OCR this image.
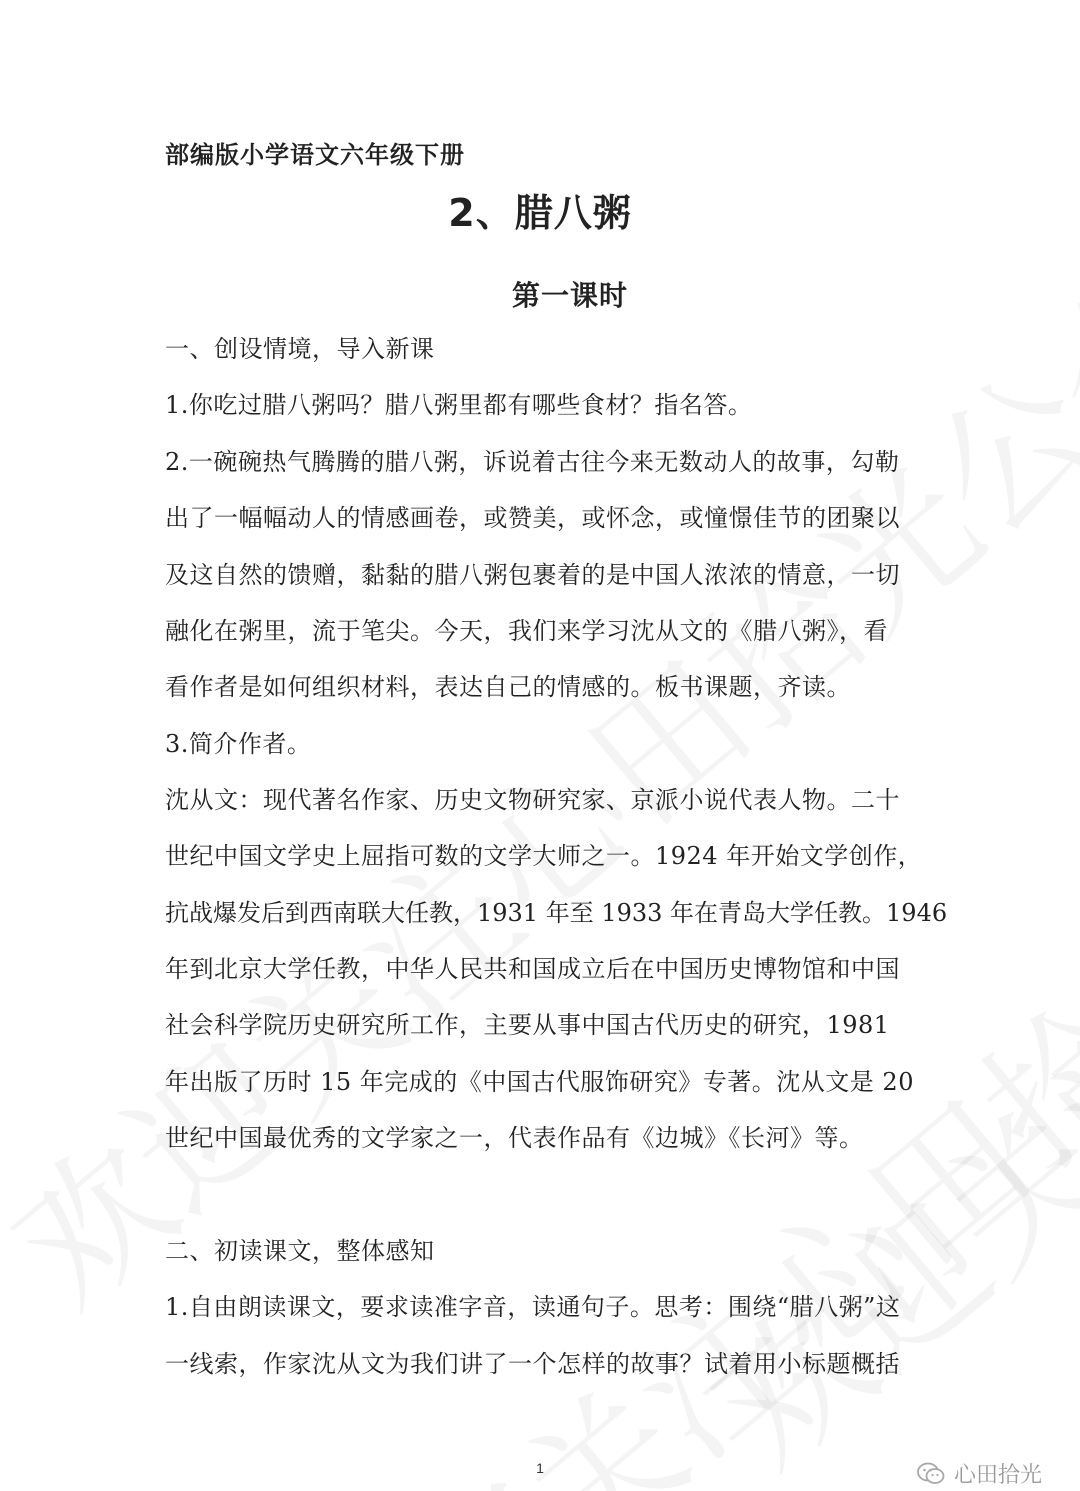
部编版小学语文六年级下册
2、腊八粥
第一课时
一、创设情境，导入新课
1.你吃过腊八粥吗？腊八粥里都有哪些食材？指名答。
2.一碗碗热气腾腾的腊八粥，诉说着古往今来无数动人的故事，勾勒
出了一幅幅动人的情感画卷，或赞美，或怀念，或憧憬佳节的团聚以
及这自然的馈赠，黏黏的腊八粥包裹着的是中国人浓浓的情意，一切
融化在粥里，流于笔尖。今天，我们来学习沈从文的《腊八粥》，看
看作者是如何组织材料，表达自己的情感的。板书课题，齐读。
3.简介作者。
沈从文：现代著名作家、历史文物研究家、京派小说代表人物。二十
世纪中国文学史上屈指可数的文学大师之一。1924 年开始文学创作，
抗战爆发后到西南联大任教，1931 年至 1933 年在青岛大学任教。1946
年到北京大学任教，中华人民共和国成立后在中国历史博物馆和中国
社会科学院历史研究所工作，主要从事中国古代历史的研究，1981
年出版了历时 15 年完成的《中国古代服饰研究》专著。沈从文是 20
世纪中国最优秀的文学家之一，代表作品有《边城》《长河》等。
二、初读课文，整体感知
1.自由朗读课文，要求读准字音，读通句子。思考：围绕“腊八粥”这
一线索，作家沈从文为我们讲了一个怎样的故事？试着用小标题概括
1	心田拾光
